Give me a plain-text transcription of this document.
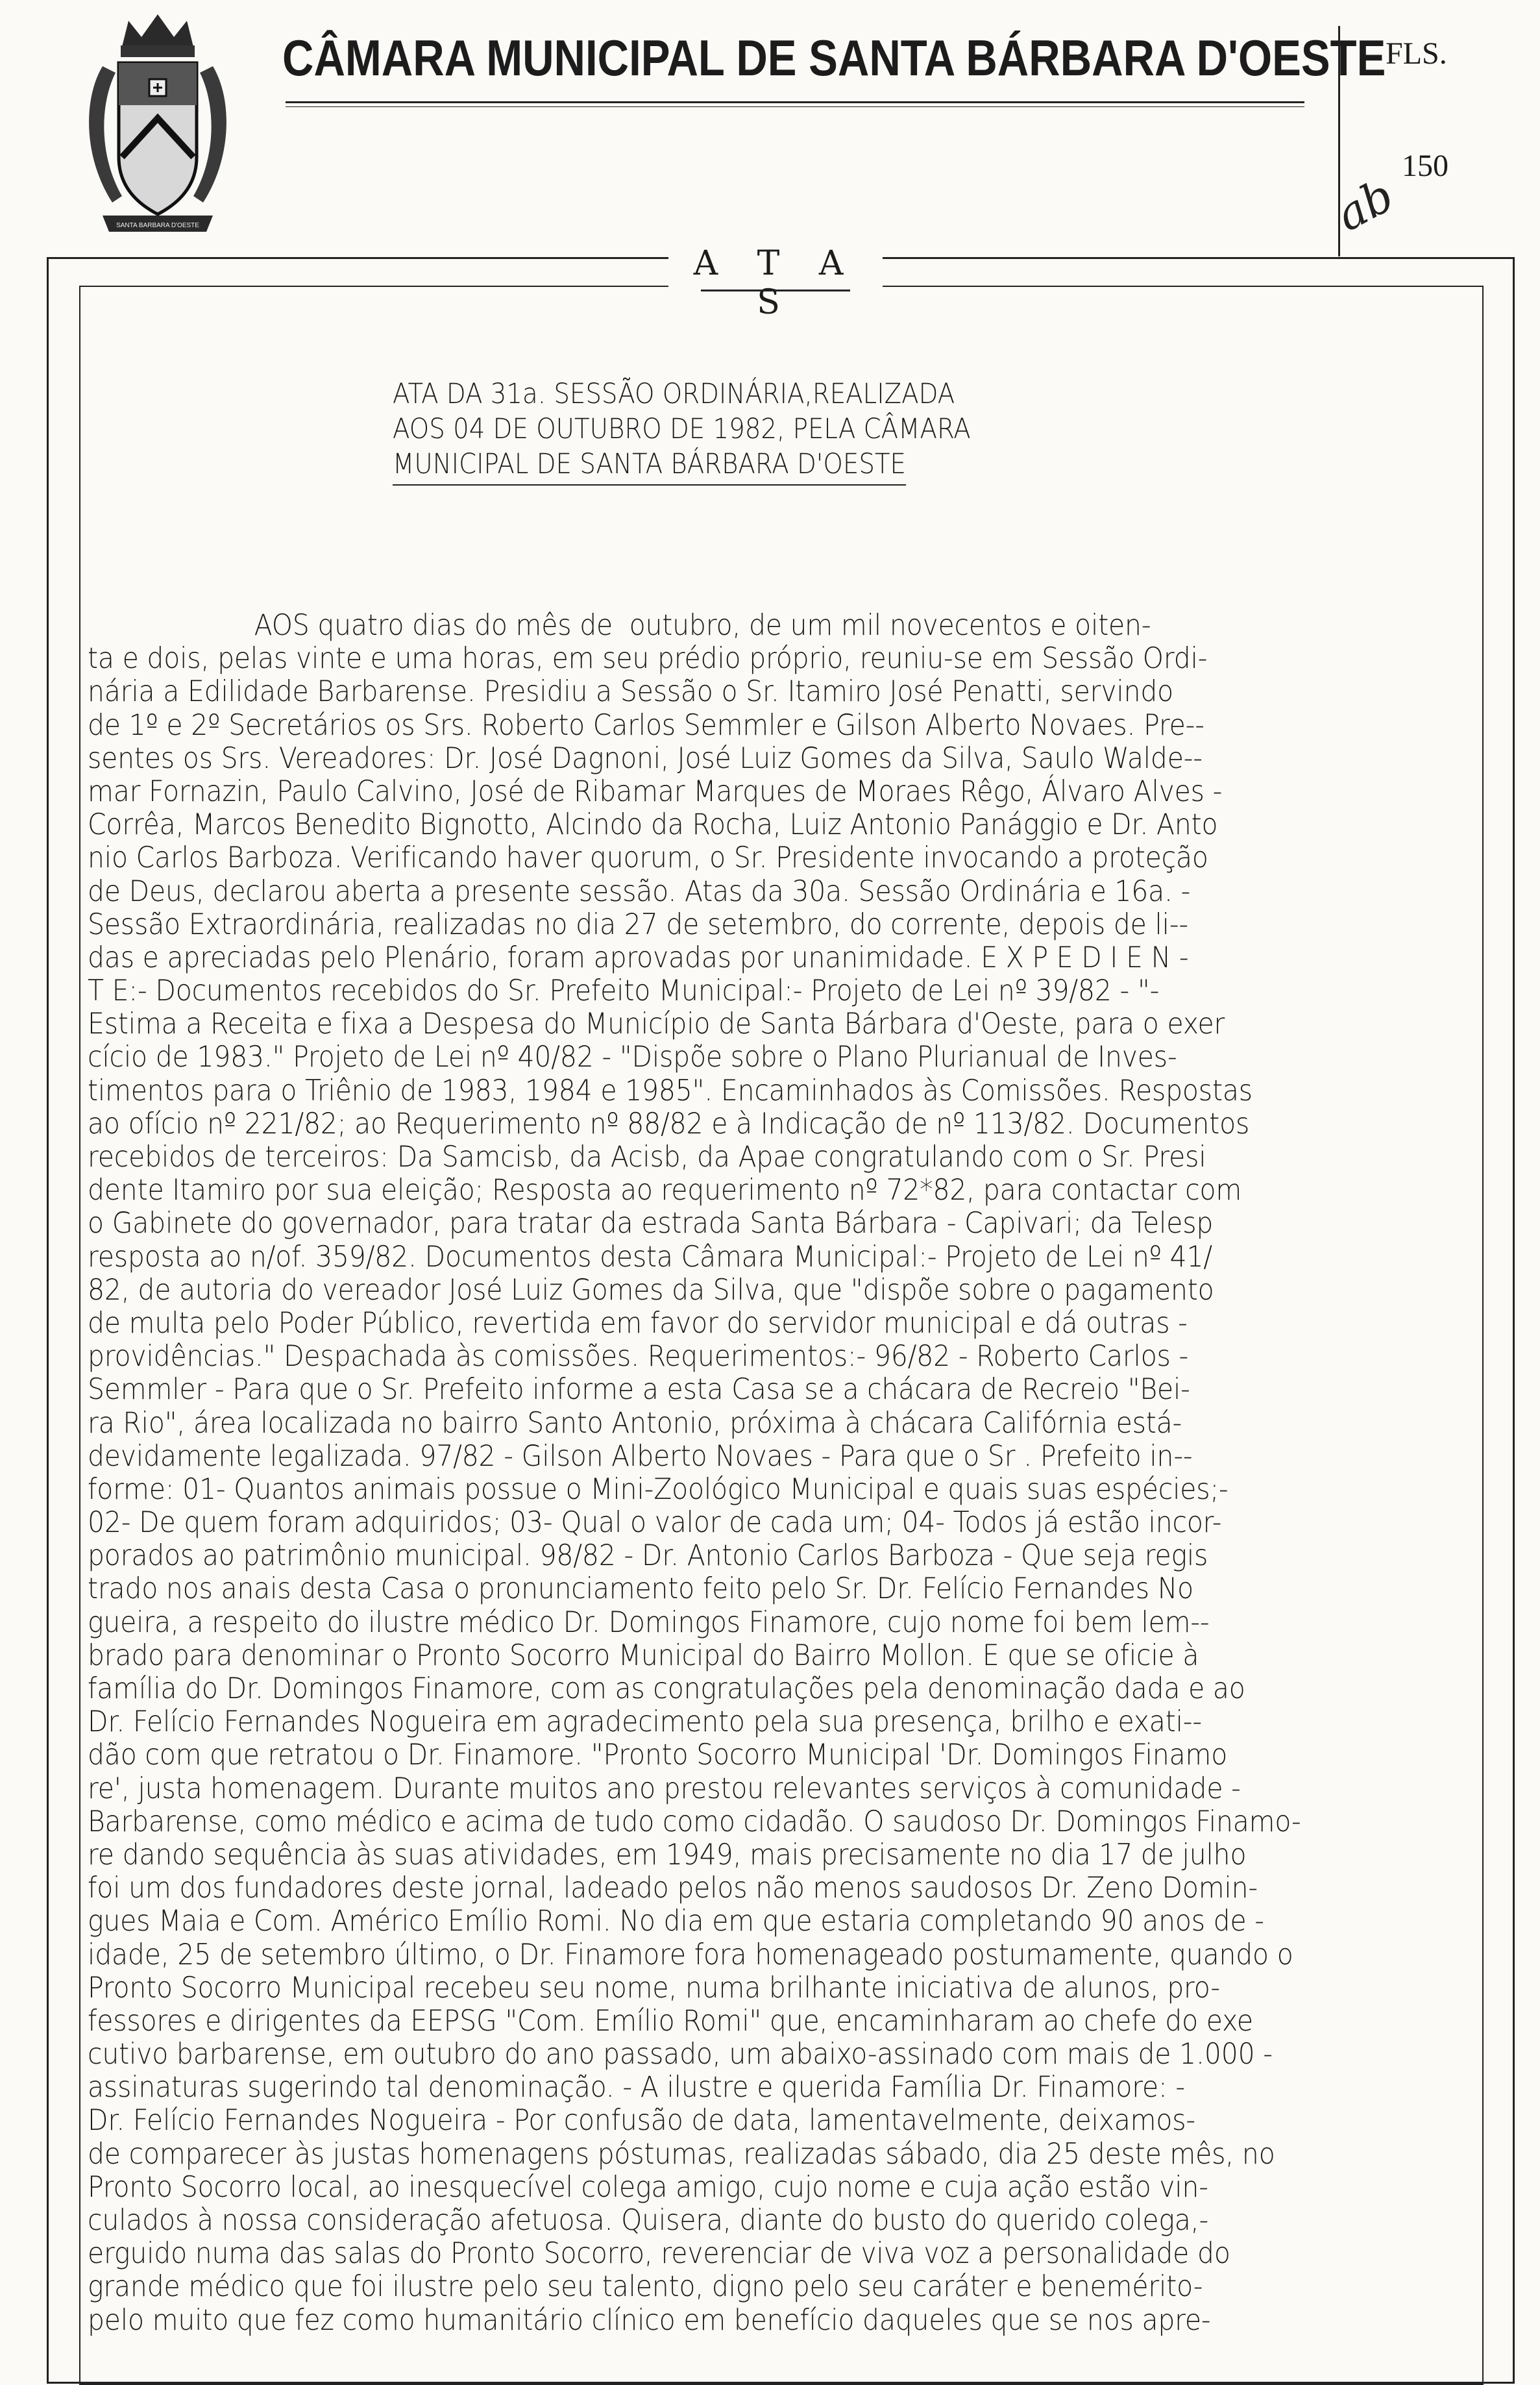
SANTA BARBARA D'OESTE
CÂMARA MUNICIPAL DE SANTA BÁRBARA D'OESTE FLS.
150
ab
A T A S
ATA DA 31a. SESSÃO ORDINÁRIA,REALIZADA
AOS 04 DE OUTUBRO DE 1982, PELA CÂMARA
MUNICIPAL DE SANTA BÁRBARA D'OESTE
AOS quatro dias do mês de  outubro, de um mil novecentos e oiten-
ta e dois, pelas vinte e uma horas, em seu prédio próprio, reuniu-se em Sessão Ordi-
nária a Edilidade Barbarense. Presidiu a Sessão o Sr. Itamiro José Penatti, servindo
de 1º e 2º Secretários os Srs. Roberto Carlos Semmler e Gilson Alberto Novaes. Pre--
sentes os Srs. Vereadores: Dr. José Dagnoni, José Luiz Gomes da Silva, Saulo Walde--
mar Fornazin, Paulo Calvino, José de Ribamar Marques de Moraes Rêgo, Álvaro Alves -
Corrêa, Marcos Benedito Bignotto, Alcindo da Rocha, Luiz Antonio Panággio e Dr. Anto
nio Carlos Barboza. Verificando haver quorum, o Sr. Presidente invocando a proteção
de Deus, declarou aberta a presente sessão. Atas da 30a. Sessão Ordinária e 16a. -
Sessão Extraordinária, realizadas no dia 27 de setembro, do corrente, depois de li--
das e apreciadas pelo Plenário, foram aprovadas por unanimidade. E X P E D I E N -
T E:- Documentos recebidos do Sr. Prefeito Municipal:- Projeto de Lei nº 39/82 - "-
Estima a Receita e fixa a Despesa do Município de Santa Bárbara d'Oeste, para o exer
cício de 1983." Projeto de Lei nº 40/82 - "Dispõe sobre o Plano Plurianual de Inves-
timentos para o Triênio de 1983, 1984 e 1985". Encaminhados às Comissões. Respostas
ao ofício nº 221/82; ao Requerimento nº 88/82 e à Indicação de nº 113/82. Documentos
recebidos de terceiros: Da Samcisb, da Acisb, da Apae congratulando com o Sr. Presi
dente Itamiro por sua eleição; Resposta ao requerimento nº 72*82, para contactar com
o Gabinete do governador, para tratar da estrada Santa Bárbara - Capivari; da Telesp
resposta ao n/of. 359/82. Documentos desta Câmara Municipal:- Projeto de Lei nº 41/
82, de autoria do vereador José Luiz Gomes da Silva, que "dispõe sobre o pagamento
de multa pelo Poder Público, revertida em favor do servidor municipal e dá outras -
providências." Despachada às comissões. Requerimentos:- 96/82 - Roberto Carlos -
Semmler - Para que o Sr. Prefeito informe a esta Casa se a chácara de Recreio "Bei-
ra Rio", área localizada no bairro Santo Antonio, próxima à chácara Califórnia está-
devidamente legalizada. 97/82 - Gilson Alberto Novaes - Para que o Sr . Prefeito in--
forme: 01- Quantos animais possue o Mini-Zoológico Municipal e quais suas espécies;-
02- De quem foram adquiridos; 03- Qual o valor de cada um; 04- Todos já estão incor-
porados ao patrimônio municipal. 98/82 - Dr. Antonio Carlos Barboza - Que seja regis
trado nos anais desta Casa o pronunciamento feito pelo Sr. Dr. Felício Fernandes No
gueira, a respeito do ilustre médico Dr. Domingos Finamore, cujo nome foi bem lem--
brado para denominar o Pronto Socorro Municipal do Bairro Mollon. E que se oficie à
família do Dr. Domingos Finamore, com as congratulações pela denominação dada e ao
Dr. Felício Fernandes Nogueira em agradecimento pela sua presença, brilho e exati--
dão com que retratou o Dr. Finamore. "Pronto Socorro Municipal 'Dr. Domingos Finamo
re', justa homenagem. Durante muitos ano prestou relevantes serviços à comunidade -
Barbarense, como médico e acima de tudo como cidadão. O saudoso Dr. Domingos Finamo-
re dando sequência às suas atividades, em 1949, mais precisamente no dia 17 de julho
foi um dos fundadores deste jornal, ladeado pelos não menos saudosos Dr. Zeno Domin-
gues Maia e Com. Américo Emílio Romi. No dia em que estaria completando 90 anos de -
idade, 25 de setembro último, o Dr. Finamore fora homenageado postumamente, quando o
Pronto Socorro Municipal recebeu seu nome, numa brilhante iniciativa de alunos, pro-
fessores e dirigentes da EEPSG "Com. Emílio Romi" que, encaminharam ao chefe do exe
cutivo barbarense, em outubro do ano passado, um abaixo-assinado com mais de 1.000 -
assinaturas sugerindo tal denominação. - A ilustre e querida Família Dr. Finamore: -
Dr. Felício Fernandes Nogueira - Por confusão de data, lamentavelmente, deixamos-
de comparecer às justas homenagens póstumas, realizadas sábado, dia 25 deste mês, no
Pronto Socorro local, ao inesquecível colega amigo, cujo nome e cuja ação estão vin-
culados à nossa consideração afetuosa. Quisera, diante do busto do querido colega,-
erguido numa das salas do Pronto Socorro, reverenciar de viva voz a personalidade do
grande médico que foi ilustre pelo seu talento, digno pelo seu caráter e benemérito-
pelo muito que fez como humanitário clínico em benefício daqueles que se nos apre-
